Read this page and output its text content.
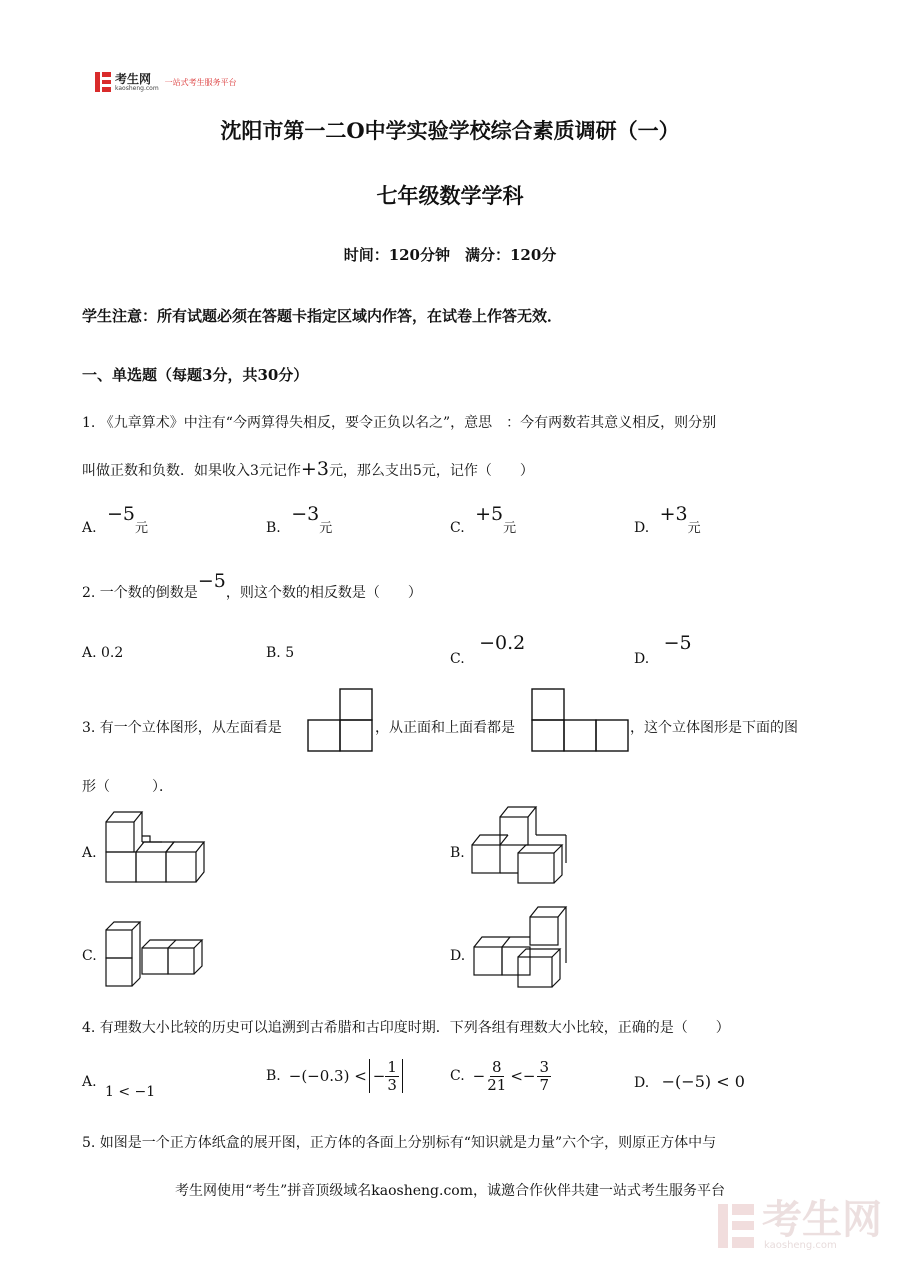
考生网
kaosheng.com
一站式考生服务平台
沈阳市第一二O中学实验学校综合素质调研（一）
七年级数学学科
时间：120分钟　满分：120分
学生注意：所有试题必须在答题卡指定区域内作答，在试卷上作答无效．
一、单选题（每题3分，共30分）
1. 《九章算术》中注有“今两算得失相反，要令正负以名之”，意思　：今有两数若其意义相反，则分别
叫做正数和负数．如果收入3元记作+3元，那么支出5元，记作（　　）
A. −5元	B. −3元	C. +5元	D. +3元
2. 一个数的倒数是−5，则这个数的相反数是（　　）
A. 0.2	B. 5	C. −0.2
D. −5
3. 有一个立体图形，从左面看是	，从正面和上面看都是	，这个立体图形是下面的图
形（　　　）．
A.	B.
C.	D.
4. 有理数大小比较的历史可以追溯到古希腊和古印度时期．下列各组有理数大小比较，正确的是（　　）
A. 1 < −1
B. −(−0.3) < − $\frac{1}{3}$	C. − $\frac{8}{21} <- \frac{3}{7}$	D. −(−5) < 0
5. 如图是一个正方体纸盒的展开图，正方体的各面上分别标有“知识就是力量”六个字，则原正方体中与
考生网使用“考生”拼音顶级域名kaosheng.com，诚邀合作伙伴共建一站式考生服务平台
考生网
kaosheng.com
